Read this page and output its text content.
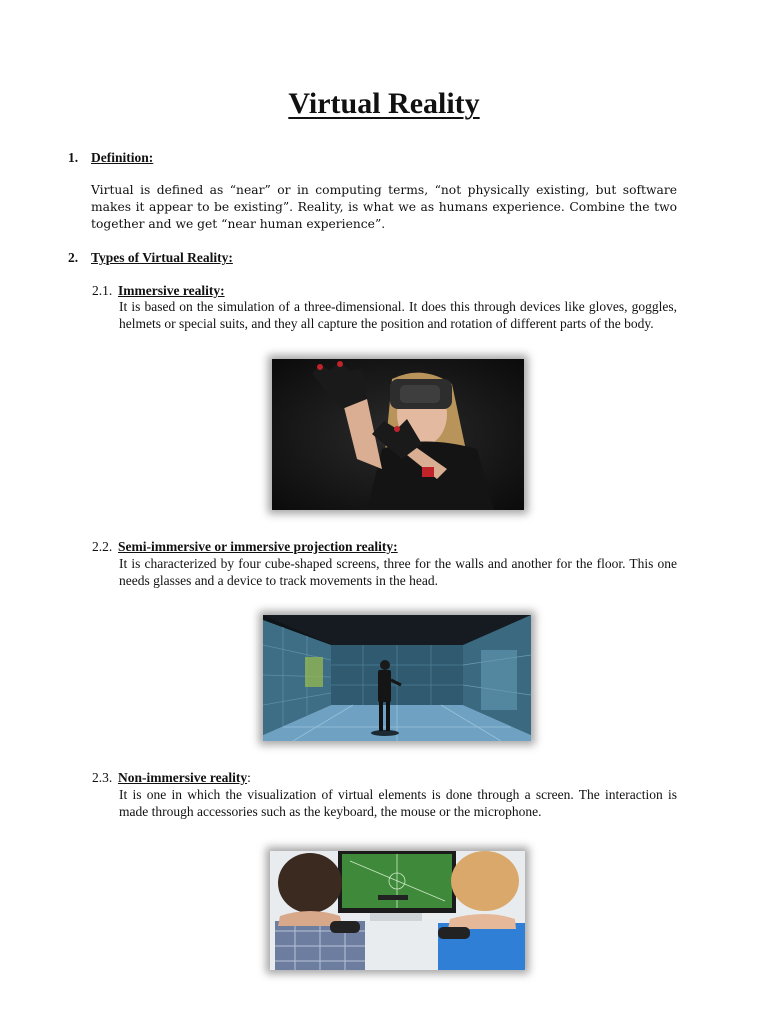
Virtual Reality
1. Definition:
Virtual is defined as “near” or in computing terms, “not physically existing, but software makes it appear to be existing”. Reality, is what we as humans experience. Combine the two together and we get “near human experience”.
2. Types of Virtual Reality:
2.1. Immersive reality:
It is based on the simulation of a three-dimensional. It does this through devices like gloves, goggles, helmets or special suits, and they all capture the position and rotation of different parts of the body.
2.2. Semi-immersive or immersive projection reality:
It is characterized by four cube-shaped screens, three for the walls and another for the floor. This one needs glasses and a device to track movements in the head.
2.3. Non-immersive reality:
It is one in which the visualization of virtual elements is done through a screen. The interaction is made through accessories such as the keyboard, the mouse or the microphone.
